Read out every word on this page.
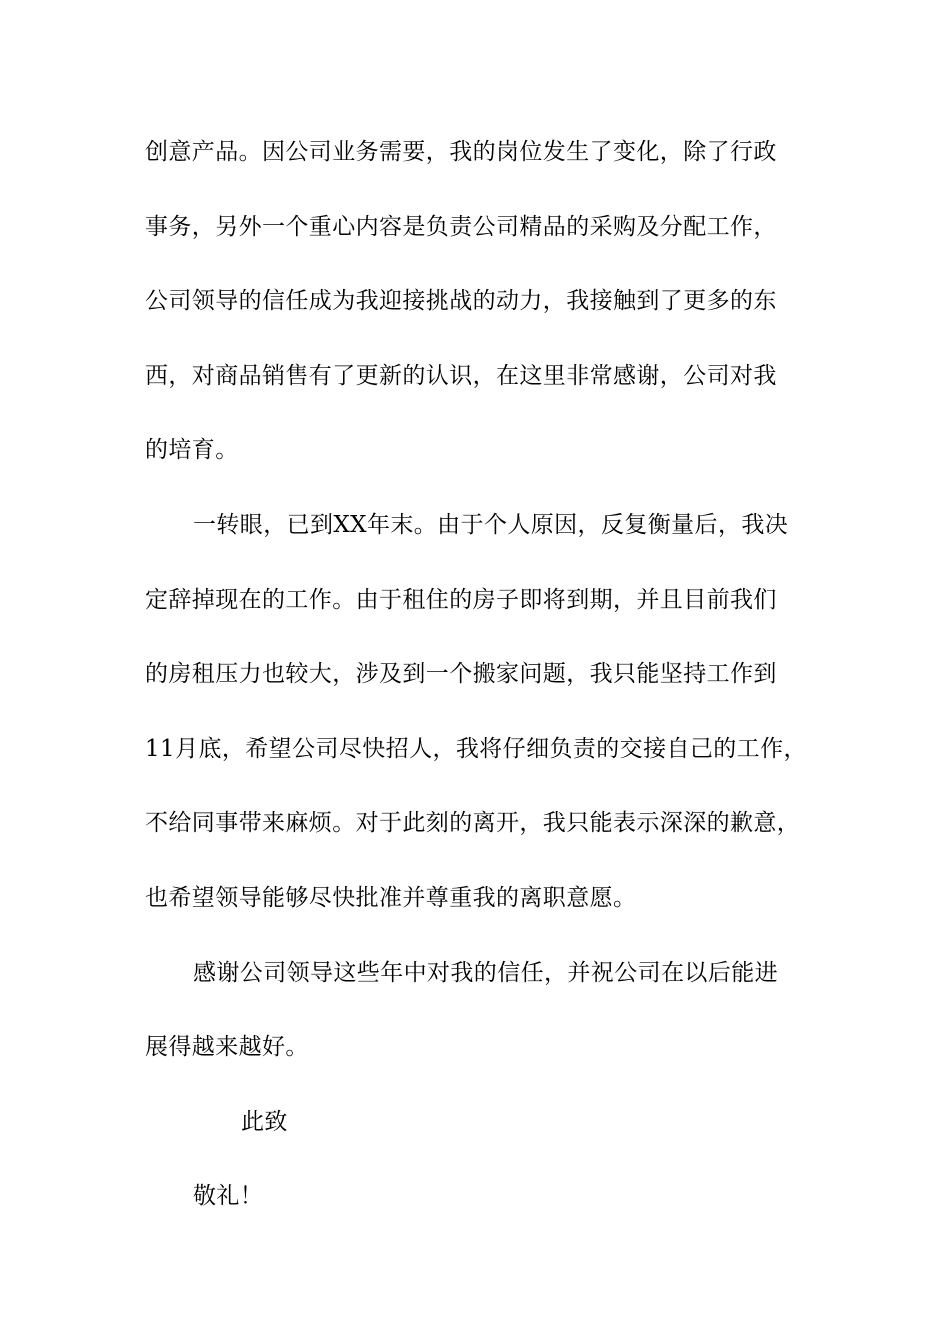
创意产品。因公司业务需要，我的岗位发生了变化，除了行政
事务，另外一个重心内容是负责公司精品的采购及分配工作，
公司领导的信任成为我迎接挑战的动力，我接触到了更多的东
西，对商品销售有了更新的认识，在这里非常感谢，公司对我
的培育。
一转眼，已到XX年末。由于个人原因，反复衡量后，我决
定辞掉现在的工作。由于租住的房子即将到期，并且目前我们
的房租压力也较大，涉及到一个搬家问题，我只能坚持工作到
11月底，希望公司尽快招人，我将仔细负责的交接自己的工作，
不给同事带来麻烦。对于此刻的离开，我只能表示深深的歉意，
也希望领导能够尽快批准并尊重我的离职意愿。
感谢公司领导这些年中对我的信任，并祝公司在以后能进
展得越来越好。
此致
敬礼！
